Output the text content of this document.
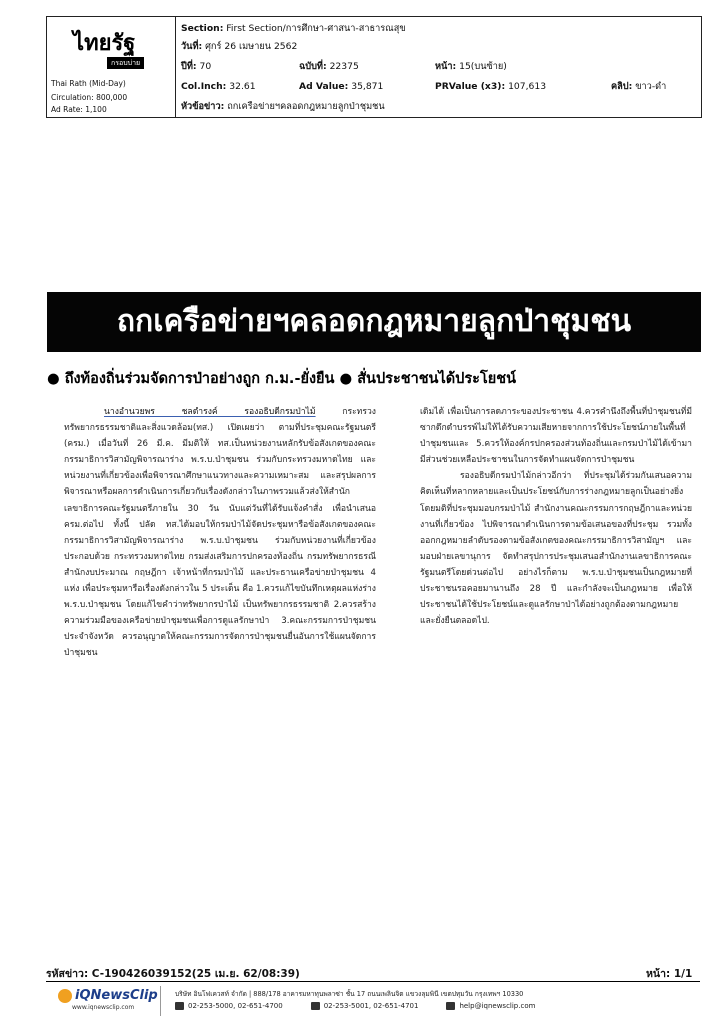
ไทยรัฐ
กรอบบ่าย
Thai Rath (Mid-Day)
Circulation: 800,000
Ad Rate: 1,100
Section: First Section/การศึกษา-ศาสนา-สาธารณสุข
วันที่: ศุกร์ 26 เมษายน 2562
ปีที่: 70	ฉบับที่: 22375	หน้า: 15(บนซ้าย)
Col.Inch: 32.61	Ad Value: 35,871	PRValue (x3): 107,613	คลิป: ขาว-ดำ
หัวข้อข่าว: ถกเครือข่ายฯคลอดกฎหมายลูกป่าชุมชน
ถกเครือข่ายฯคลอดกฎหมายลูกป่าชุมชน
● ถึงท้องถิ่นร่วมจัดการป่าอย่างถูก ก.ม.-ยั่งยืน ● สั่นประชาชนได้ประโยชน์

นางอำนวยพร ชลดำรงค์ รองอธิบดีกรมป่าไม้ กระทรวงทรัพยากรธรรมชาติและสิ่งแวดล้อม(ทส.) เปิดเผยว่า ตามที่ประชุมคณะรัฐมนตรี (ครม.) เมื่อวันที่ 26 มี.ค. มีมติให้ ทส.เป็นหน่วยงานหลักรับข้อสังเกตของคณะกรรมาธิการวิสามัญพิจารณาร่าง พ.ร.บ.ป่าชุมชน ร่วมกับกระทรวงมหาดไทย และหน่วยงานที่เกี่ยวข้องเพื่อพิจารณาศึกษาแนวทางและความเหมาะสม และสรุปผลการพิจารณาหรือผลการดำเนินการเกี่ยวกับเรื่องดังกล่าวในภาพรวมแล้วส่งให้สำนักเลขาธิการคณะรัฐมนตรีภายใน 30 วัน นับแต่วันที่ได้รับแจ้งคำสั่ง เพื่อนำเสนอ ครม.ต่อไป ทั้งนี้ ปลัด ทส.ได้มอบให้กรมป่าไม้จัดประชุมหารือข้อสังเกตของคณะกรรมาธิการวิสามัญพิจารณาร่าง พ.ร.บ.ป่าชุมชน ร่วมกับหน่วยงานที่เกี่ยวข้องประกอบด้วย กระทรวงมหาดไทย กรมส่งเสริมการปกครองท้องถิ่น กรมทรัพยากรธรณี สำนักงบประมาณ กฤษฎีกา เจ้าหน้าที่กรมป่าไม้ และประธานเครือข่ายป่าชุมชน 4 แห่ง เพื่อประชุมหารือเรื่องดังกล่าวใน 5 ประเด็น คือ 1.ควรแก้ไขบันทึกเหตุผลแห่งร่าง พ.ร.บ.ป่าชุมชน โดยแก้ไขคำว่าทรัพยากรป่าไม้ เป็นทรัพยากรธรรมชาติ 2.ควรสร้างความร่วมมือของเครือข่ายป่าชุมชนเพื่อการดูแลรักษาป่า 3.คณะกรรมการป่าชุมชนประจำจังหวัด ควรอนุญาตให้คณะกรรมการจัดการป่าชุมชนยื่นอันการใช้แผนจัดการป่าชุมชน

เดิมได้ เพื่อเป็นการลดภาระของประชาชน 4.ควรคำนึงถึงพื้นที่ป่าชุมชนที่มีซากดึกดำบรรพ์ไม่ให้ได้รับความเสียหายจากการใช้ประโยชน์ภายในพื้นที่ป่าชุมชนและ 5.ควรให้องค์กรปกครองส่วนท้องถิ่นและกรมป่าไม้ได้เข้ามามีส่วนช่วยเหลือประชาชนในการจัดทำแผนจัดการป่าชุมชน

รองอธิบดีกรมป่าไม้กล่าวอีกว่า ที่ประชุมได้ร่วมกันเสนอความคิดเห็นที่หลากหลายและเป็นประโยชน์กับการร่างกฎหมายลูกเป็นอย่างยิ่ง โดยมติที่ประชุมมอบกรมป่าไม้ สำนักงานคณะกรรมการกฤษฎีกาและหน่วยงานที่เกี่ยวข้อง ไปพิจารณาดำเนินการตามข้อเสนอของที่ประชุม รวมทั้งออกกฎหมายลำดับรองตามข้อสังเกตของคณะกรรมาธิการวิสามัญฯ และมอบฝ่ายเลขานุการ จัดทำสรุปการประชุมเสนอสำนักงานเลขาธิการคณะรัฐมนตรีโดยด่วนต่อไป อย่างไรก็ตาม พ.ร.บ.ป่าชุมชนเป็นกฎหมายที่ประชาชนรอคอยมานานถึง 28 ปี และกำลังจะเป็นกฎหมาย เพื่อให้ประชาชนได้ใช้ประโยชน์และดูแลรักษาป่าได้อย่างถูกต้องตามกฎหมายและยั่งยืนตลอดไป.

รหัสข่าว: C-190426039152(25 เม.ย. 62/08:39)	หน้า: 1/1
iQNewsClip
www.iqnewsclip.com
บริษัท อินโฟเควสท์ จำกัด | 888/178 อาคารมหาทุนพลาซ่า ชั้น 17 ถนนเพลินจิต แขวงลุมพินี เขตปทุมวัน กรุงเทพฯ 10330
02-253-5000, 02-651-4700	02-253-5001, 02-651-4701	help@iqnewsclip.com
